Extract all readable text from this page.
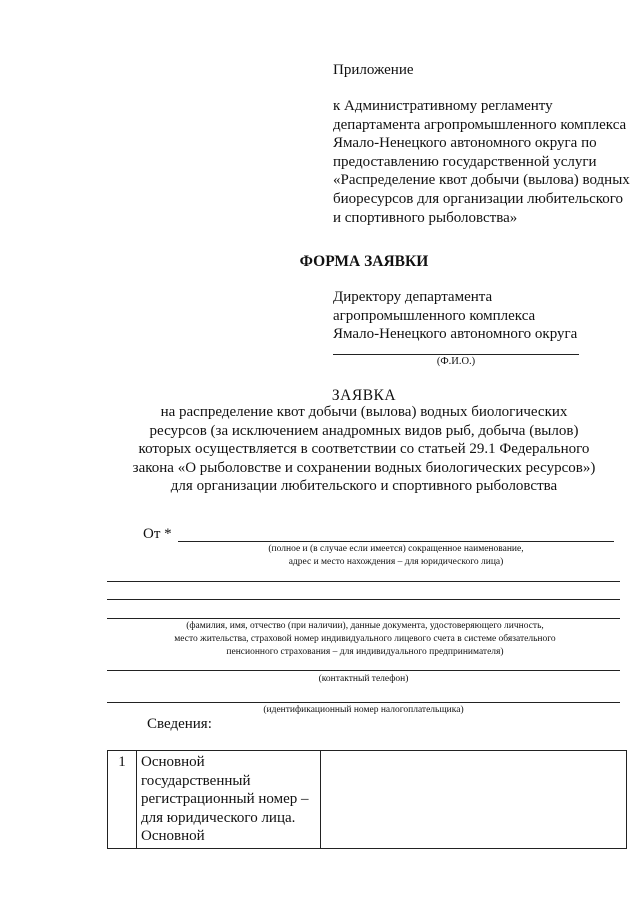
Приложение
к Административному регламенту департамента агропромышленного комплекса Ямало-Ненецкого автономного округа по предоставлению государственной услуги «Распределение квот добычи (вылова) водных биоресурсов для организации любительского и спортивного рыболовства»
ФОРМА ЗАЯВКИ
Директору департамента
агропромышленного комплекса
Ямало-Ненецкого автономного округа
(Ф.И.О.)
ЗАЯВКА
на распределение квот добычи (вылова) водных биологических
ресурсов (за исключением анадромных видов рыб, добыча (вылов)
которых осуществляется в соответствии со статьей 29.1 Федерального
закона «О рыболовстве и сохранении водных биологических ресурсов»)
для организации любительского и спортивного рыболовства
От *
(полное и (в случае если имеется) сокращенное наименование,
адрес и место нахождения – для юридического лица)
(фамилия, имя, отчество (при наличии), данные документа, удостоверяющего личность,
место жительства, страховой номер индивидуального лицевого счета в системе обязательного
пенсионного страхования – для индивидуального предпринимателя)
(контактный телефон)
(идентификационный номер налогоплательщика)
Сведения:
1	Основной государственный регистрационный номер – для юридического лица. Основной	
